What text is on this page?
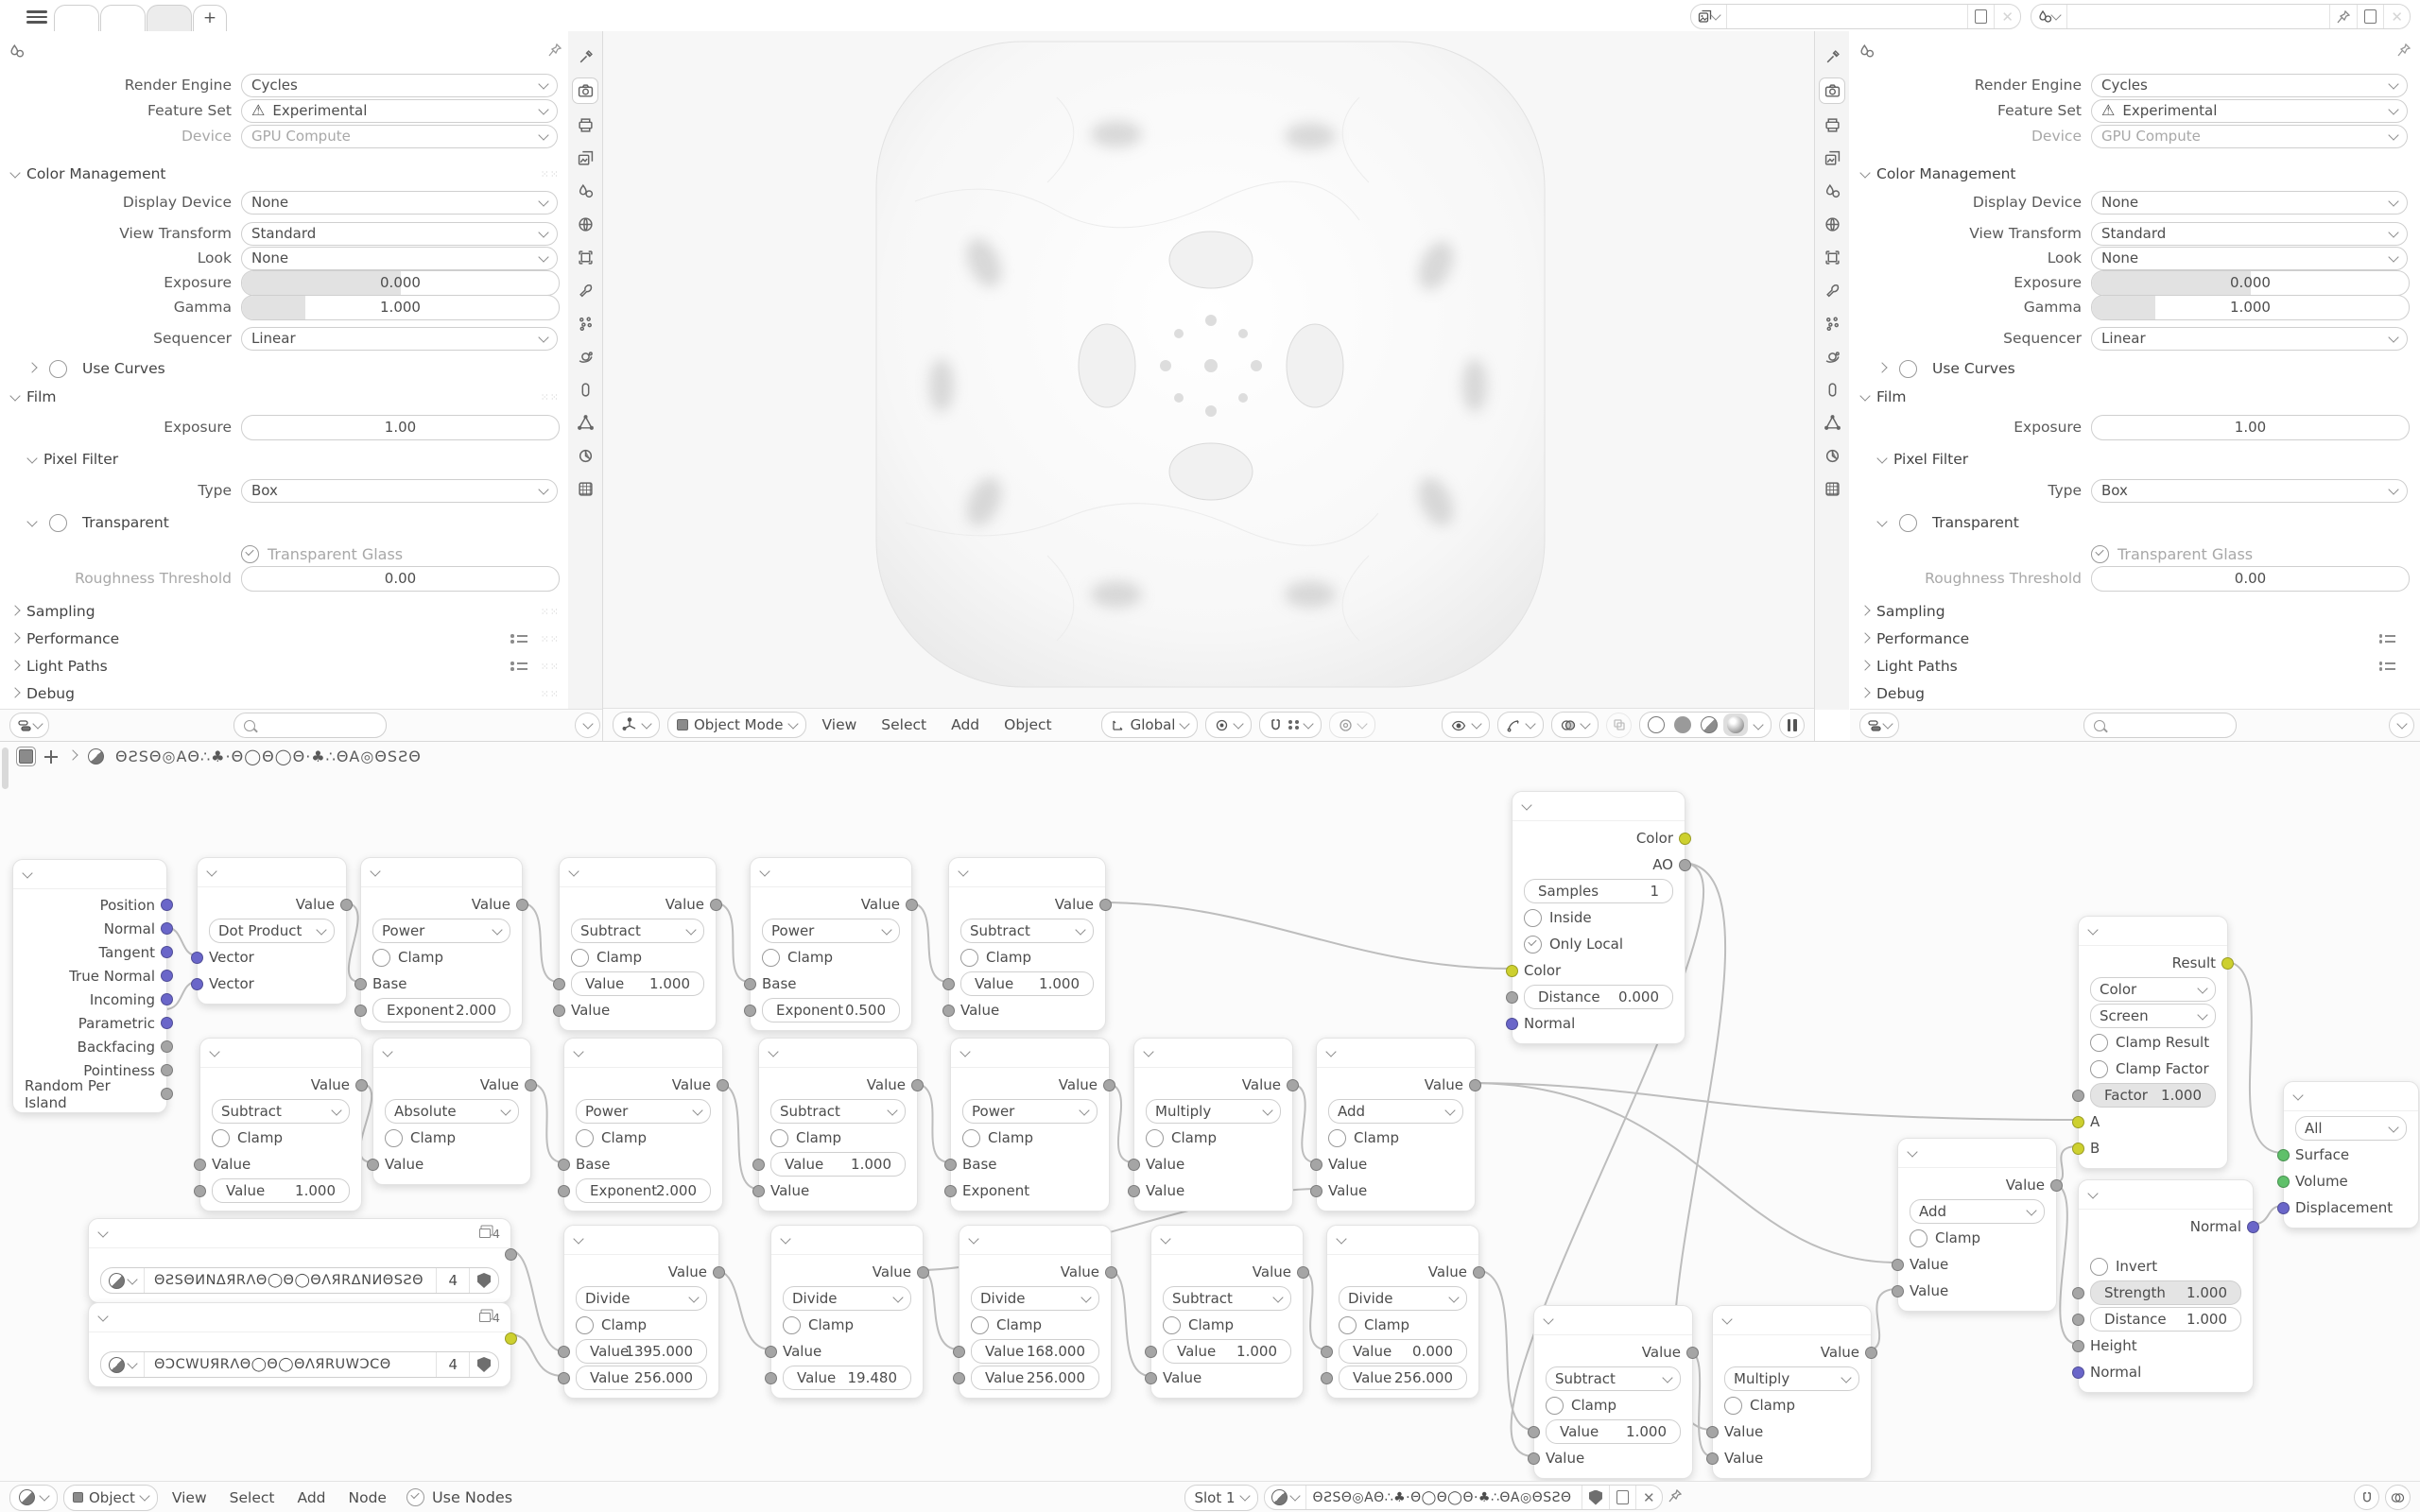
+	✕
✕
Render Engine	Cycles
Feature Set	⚠ Experimental
Device	GPU Compute
Color Management	⁙⁙
Display Device	None
View Transform	Standard
Look	None
Exposure	0.000
Gamma	1.000
Sequencer	Linear
Use Curves
Film	⁙⁙
Exposure	1.00
Pixel Filter
Type	Box
Transparent
Transparent Glass
Roughness Threshold	0.00
Sampling	⁙⁙
Performance	⁙⁙
Light Paths	⁙⁙
Debug	⁙⁙
Object Mode	View	Select	Add	Object	Global
Render Engine	Cycles
Feature Set	⚠ Experimental
Device	GPU Compute
Color Management
Display Device	None
View Transform	Standard
Look	None
Exposure	0.000
Gamma	1.000
Sequencer	Linear
Use Curves
Film
Exposure	1.00
Pixel Filter
Type	Box
Transparent
Transparent Glass
Roughness Threshold	0.00
Sampling
Performance
Light Paths
Debug
ΘƧSΘ◎AΘ∴♣·Θ◯Θ◯Θ·♣∴ΘA◎ΘSƧΘ
Position
Normal
Tangent
True Normal
Incoming
Parametric
Backfacing
Pointiness
Random Per Island
Value
Dot Product
Vector
Vector
Value
Power
Clamp
Base
Exponent 2.000
Value
Subtract
Clamp
Value 1.000
Value
Value
Power
Clamp
Base
Exponent 0.500
Value
Subtract
Clamp
Value 1.000
Value
Value
Subtract
Clamp
Value
Value 1.000
Value
Absolute
Clamp
Value
Value
Power
Clamp
Base
Exponent
2.000
Value
Subtract
Clamp
Value 1.000
Value
Value
Power
Clamp
Base
Exponent
Value
Multiply
Clamp
Value
Value
Value
Add
Clamp
Value
Value
Color
AO
Samples	1
Inside
Only Local
Color
Distance 0.000
Normal
4
ΘƧSΘИΝΔЯRΛΘ◯Θ◯ΘΛЯRΔΝИΘSƧΘ	4
4
ΘƆCWUЯRΛΘ◯Θ◯ΘΛЯRUWƆCΘ	4
Value
Divide
Clamp
Value
1395.000
Value 256.000
Value
Divide
Clamp
Value
Value 19.480
Value
Divide
Clamp
Value 168.000
Value 256.000
Value
Subtract
Clamp
Value 1.000
Value
Value
Divide
Clamp
Value 0.000
Value 256.000
Value
Subtract
Clamp
Value 1.000
Value
Value
Multiply
Clamp
Value
Value
Value
Add
Clamp
Value
Value
Result
Color
Screen
Clamp Result
Clamp Factor
Factor 1.000
A
B
All
Surface
Volume
Displacement
Normal
Invert
Strength 1.000
Distance 1.000
Height
Normal
Object	View	Select	Add	Node	Use Nodes	Slot 1	ΘƧSΘ◎AΘ∴♣·Θ◯Θ◯Θ·♣∴ΘA◎ΘSƧΘ	✕
